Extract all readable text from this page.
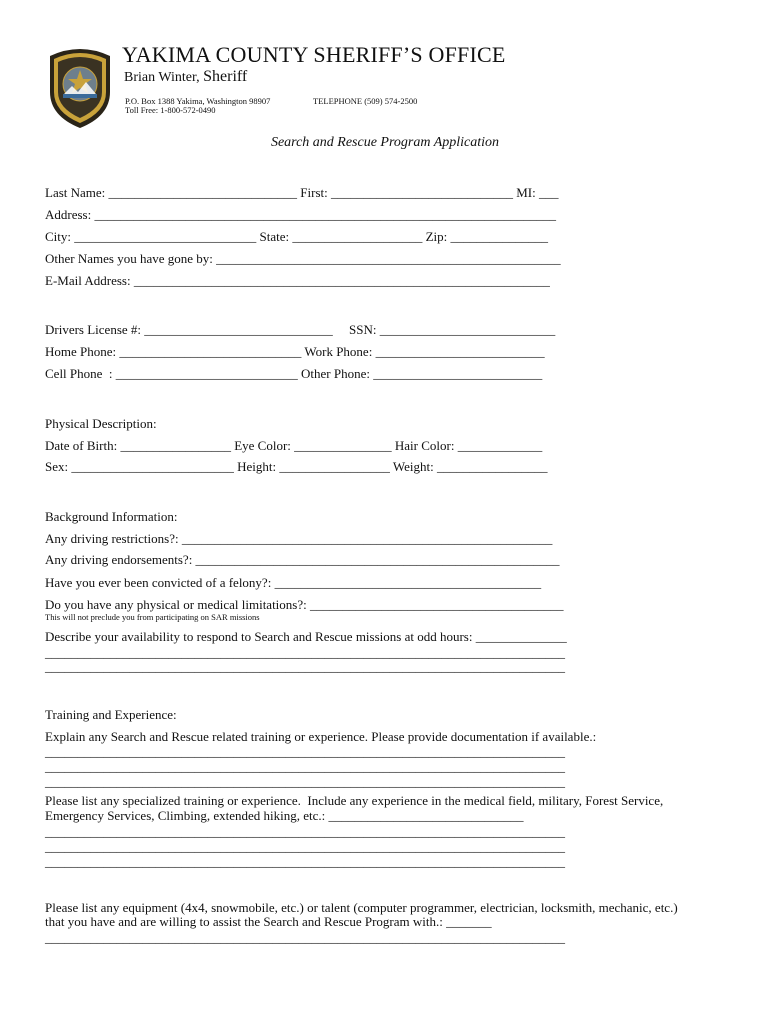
YAKIMA COUNTY SHERIFF’S OFFICE
Brian Winter, Sheriff
P.O. Box 1388 Yakima, Washington 98907
Toll Free: 1-800-572-0490
TELEPHONE (509) 574-2500
Search and Rescue Program Application
Last Name: _____________________________ First: ____________________________ MI: ___
Address: _______________________________________________________________________
City: ____________________________ State: ____________________ Zip: _______________
Other Names you have gone by: _____________________________________________________
E-Mail Address: ________________________________________________________________
Drivers License #: _____________________________     SSN: ___________________________
Home Phone: ____________________________ Work Phone: __________________________
Cell Phone  : ____________________________ Other Phone: __________________________
Physical Description:
Date of Birth: _________________ Eye Color: _______________ Hair Color: _____________
Sex: _________________________ Height: _________________ Weight: _________________
Background Information:
Any driving restrictions?: _________________________________________________________
Any driving endorsements?: ________________________________________________________
Have you ever been convicted of a felony?: _________________________________________
Do you have any physical or medical limitations?: _______________________________________
This will not preclude you from participating on SAR missions
Describe your availability to respond to Search and Rescue missions at odd hours: ______________
________________________________________________________________________________
________________________________________________________________________________
Training and Experience:
Explain any Search and Rescue related training or experience. Please provide documentation if available.:
________________________________________________________________________________
________________________________________________________________________________
________________________________________________________________________________
Please list any specialized training or experience.  Include any experience in the medical field, military, Forest Service,
Emergency Services, Climbing, extended hiking, etc.: ______________________________
________________________________________________________________________________
________________________________________________________________________________
________________________________________________________________________________
Please list any equipment (4x4, snowmobile, etc.) or talent (computer programmer, electrician, locksmith, mechanic, etc.)
that you have and are willing to assist the Search and Rescue Program with.: _______
________________________________________________________________________________
